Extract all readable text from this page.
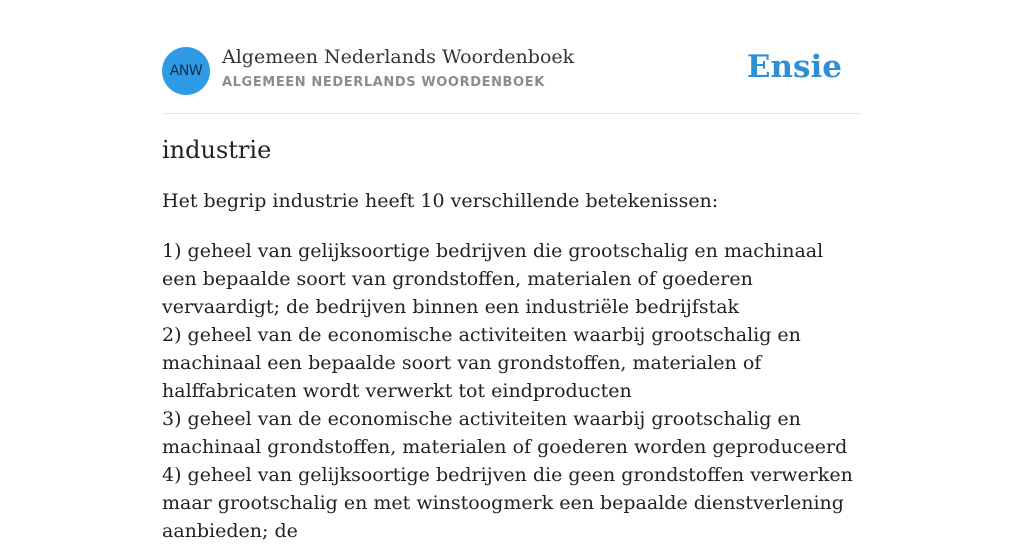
ANW
Algemeen Nederlands Woordenboek
ALGEMEEN NEDERLANDS WOORDENBOEK	Ensie
industrie

Het begrip industrie heeft 10 verschillende betekenissen:

1) geheel van gelijksoortige bedrijven die grootschalig en machinaal een bepaalde soort van grondstoffen, materialen of goederen vervaardigt; de bedrijven binnen een industriële bedrijfstak
2) geheel van de economische activiteiten waarbij grootschalig en machinaal een bepaalde soort van grondstoffen, materialen of halffabricaten wordt verwerkt tot eindproducten
3) geheel van de economische activiteiten waarbij grootschalig en machinaal grondstoffen, materialen of goederen worden geproduceerd
4) geheel van gelijksoortige bedrijven die geen grondstoffen verwerken maar grootschalig en met winstoogmerk een bepaalde dienstverlening aanbieden; de
